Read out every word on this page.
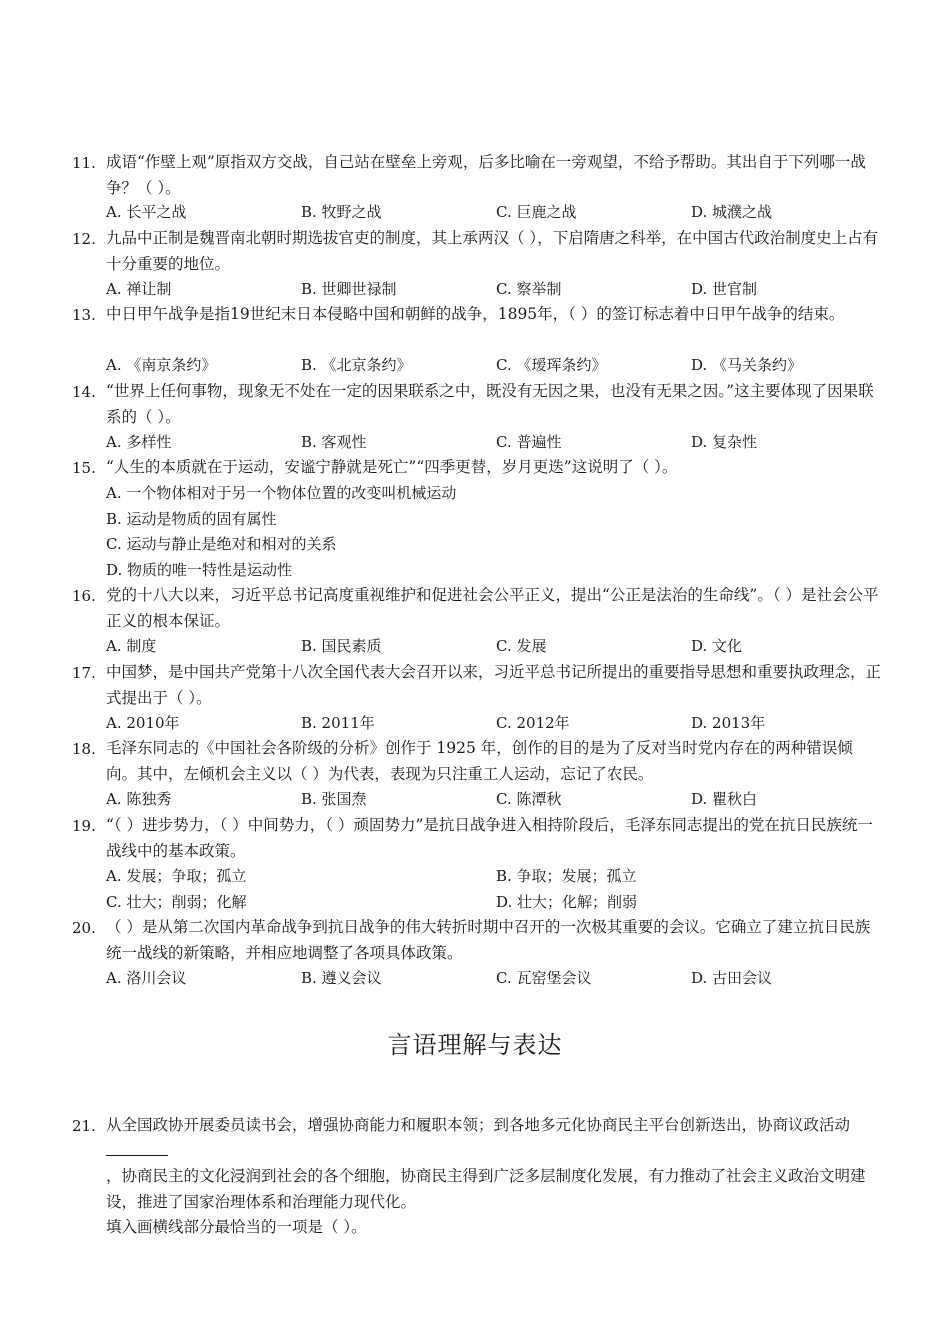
11. 成语“作壁上观”原指双方交战，自己站在壁垒上旁观，后多比喻在一旁观望，不给予帮助。其出自于下列哪一战争？（ ）。

A. 长平之战	B. 牧野之战	C. 巨鹿之战	D. 城濮之战
12. 九品中正制是魏晋南北朝时期选拔官吏的制度，其上承两汉（ ），下启隋唐之科举，在中国古代政治制度史上占有十分重要的地位。

A. 禅让制	B. 世卿世禄制	C. 察举制	D. 世官制
13. 中日甲午战争是指19世纪末日本侵略中国和朝鲜的战争，1895年，（ ）的签订标志着中日甲午战争的结束。

A. 《南京条约》	B. 《北京条约》	C. 《瑷珲条约》	D. 《马关条约》
14. “世界上任何事物，现象无不处在一定的因果联系之中，既没有无因之果，也没有无果之因。”这主要体现了因果联系的（ ）。

A. 多样性	B. 客观性	C. 普遍性	D. 复杂性
15. “人生的本质就在于运动，安谧宁静就是死亡”“四季更替，岁月更迭”这说明了（ ）。

A. 一个物体相对于另一个物体位置的改变叫机械运动
B. 运动是物质的固有属性
C. 运动与静止是绝对和相对的关系
D. 物质的唯一特性是运动性
16. 党的十八大以来，习近平总书记高度重视维护和促进社会公平正义，提出“公正是法治的生命线”。（ ）是社会公平正义的根本保证。

A. 制度	B. 国民素质	C. 发展	D. 文化
17. 中国梦，是中国共产党第十八次全国代表大会召开以来，习近平总书记所提出的重要指导思想和重要执政理念，正式提出于（ ）。

A. 2010年	B. 2011年	C. 2012年	D. 2013年
18. 毛泽东同志的《中国社会各阶级的分析》创作于 1925 年，创作的目的是为了反对当时党内存在的两种错误倾向。其中，左倾机会主义以（ ）为代表，表现为只注重工人运动，忘记了农民。

A. 陈独秀	B. 张国焘	C. 陈潭秋	D. 瞿秋白
19. “（ ）进步势力，（ ）中间势力，（ ）顽固势力”是抗日战争进入相持阶段后，毛泽东同志提出的党在抗日民族统一战线中的基本政策。

A. 发展；争取；孤立	B. 争取；发展；孤立
C. 壮大；削弱；化解	D. 壮大；化解；削弱
20. （ ）是从第二次国内革命战争到抗日战争的伟大转折时期中召开的一次极其重要的会议。它确立了建立抗日民族统一战线的新策略，并相应地调整了各项具体政策。

A. 洛川会议	B. 遵义会议	C. 瓦窑堡会议	D. 古田会议
言语理解与表达
21. 从全国政协开展委员读书会，增强协商能力和履职本领；到各地多元化协商民主平台创新迭出，协商议政活动
，协商民主的文化浸润到社会的各个细胞，协商民主得到广泛多层制度化发展，有力推动了社会主义政治文明建设，推进了国家治理体系和治理能力现代化。
填入画横线部分最恰当的一项是（ ）。
